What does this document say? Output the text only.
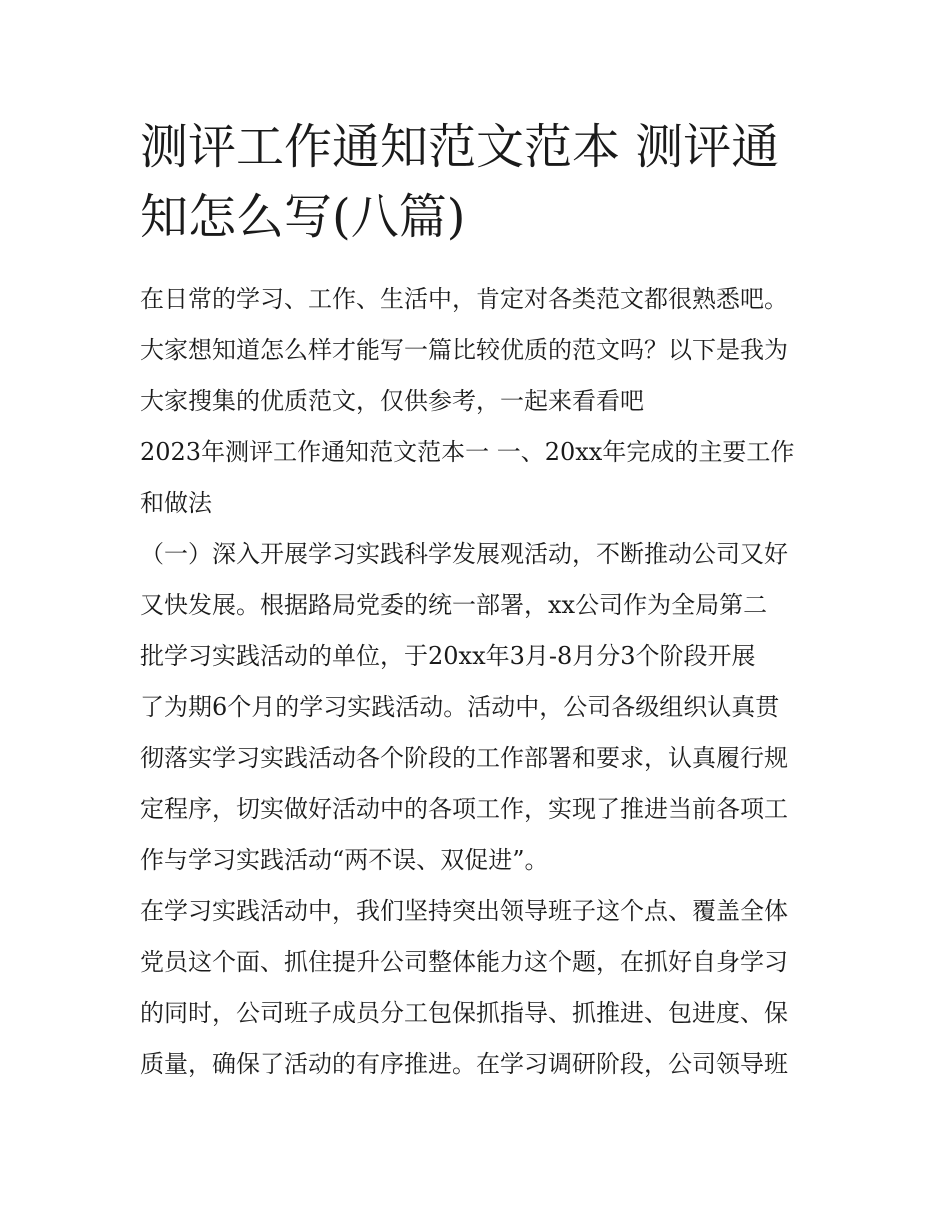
测评工作通知范文范本 测评通
知怎么写(八篇)
在日常的学习、工作、生活中，肯定对各类范文都很熟悉吧。
大家想知道怎么样才能写一篇比较优质的范文吗？以下是我为
大家搜集的优质范文，仅供参考，一起来看看吧
2023年测评工作通知范文范本一 一、20xx年完成的主要工作
和做法
（一）深入开展学习实践科学发展观活动，不断推动公司又好
又快发展。根据路局党委的统一部署，xx公司作为全局第二
批学习实践活动的单位，于20xx年3月-8月分3个阶段开展
了为期6个月的学习实践活动。活动中，公司各级组织认真贯
彻落实学习实践活动各个阶段的工作部署和要求，认真履行规
定程序，切实做好活动中的各项工作，实现了推进当前各项工
作与学习实践活动“两不误、双促进”。
在学习实践活动中，我们坚持突出领导班子这个点、覆盖全体
党员这个面、抓住提升公司整体能力这个题，在抓好自身学习
的同时，公司班子成员分工包保抓指导、抓推进、包进度、保
质量，确保了活动的有序推进。在学习调研阶段，公司领导班
